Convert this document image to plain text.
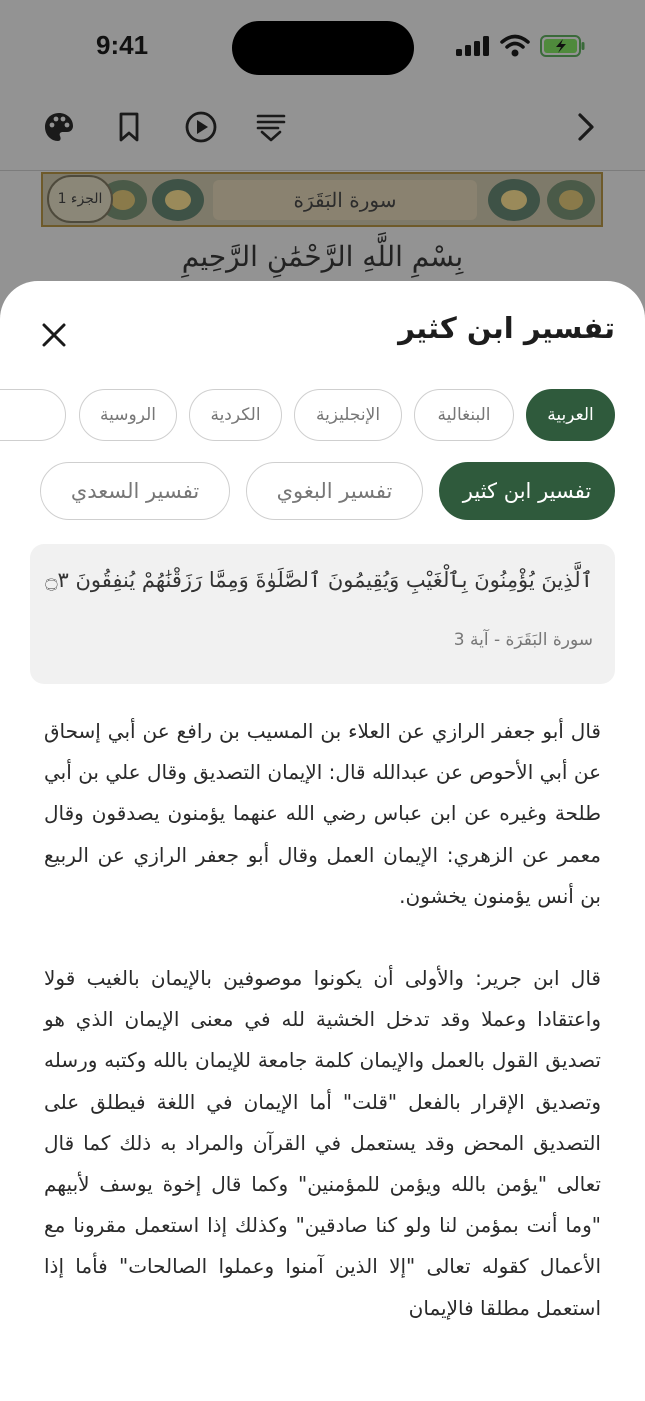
9:41
سورة البَقَرَة
الجزء 1
بِسْمِ اللَّهِ الرَّحْمَٰنِ الرَّحِيمِ
تفسير ابن كثير
العربية
البنغالية
الإنجليزية
الكردية
الروسية
تفسير ابن كثير
تفسير البغوي
تفسير السعدي
ٱلَّذِينَ يُؤْمِنُونَ بِٱلْغَيْبِ وَيُقِيمُونَ ٱلصَّلَوٰةَ وَمِمَّا رَزَقْنَٰهُمْ يُنفِقُونَ ۝٣
سورة البَقَرَة - آية 3

قال أبو جعفر الرازي عن العلاء بن المسيب بن رافع عن أبي إسحاق عن أبي الأحوص عن عبدالله قال: الإيمان التصديق وقال علي بن أبي طلحة وغيره عن ابن عباس رضي الله عنهما يؤمنون يصدقون وقال معمر عن الزهري: الإيمان العمل وقال أبو جعفر الرازي عن الربيع بن أنس يؤمنون يخشون.

قال ابن جرير: والأولى أن يكونوا موصوفين بالإيمان بالغيب قولا واعتقادا وعملا وقد تدخل الخشية لله في معنى الإيمان الذي هو تصديق القول بالعمل والإيمان كلمة جامعة للإيمان بالله وكتبه ورسله وتصديق الإقرار بالفعل "قلت" أما الإيمان في اللغة فيطلق على التصديق المحض وقد يستعمل في القرآن والمراد به ذلك كما قال تعالى "يؤمن بالله ويؤمن للمؤمنين" وكما قال إخوة يوسف لأبيهم "وما أنت بمؤمن لنا ولو كنا صادقين" وكذلك إذا استعمل مقرونا مع الأعمال كقوله تعالى "إلا الذين آمنوا وعملوا الصالحات" فأما إذا استعمل مطلقا فالإيمان
